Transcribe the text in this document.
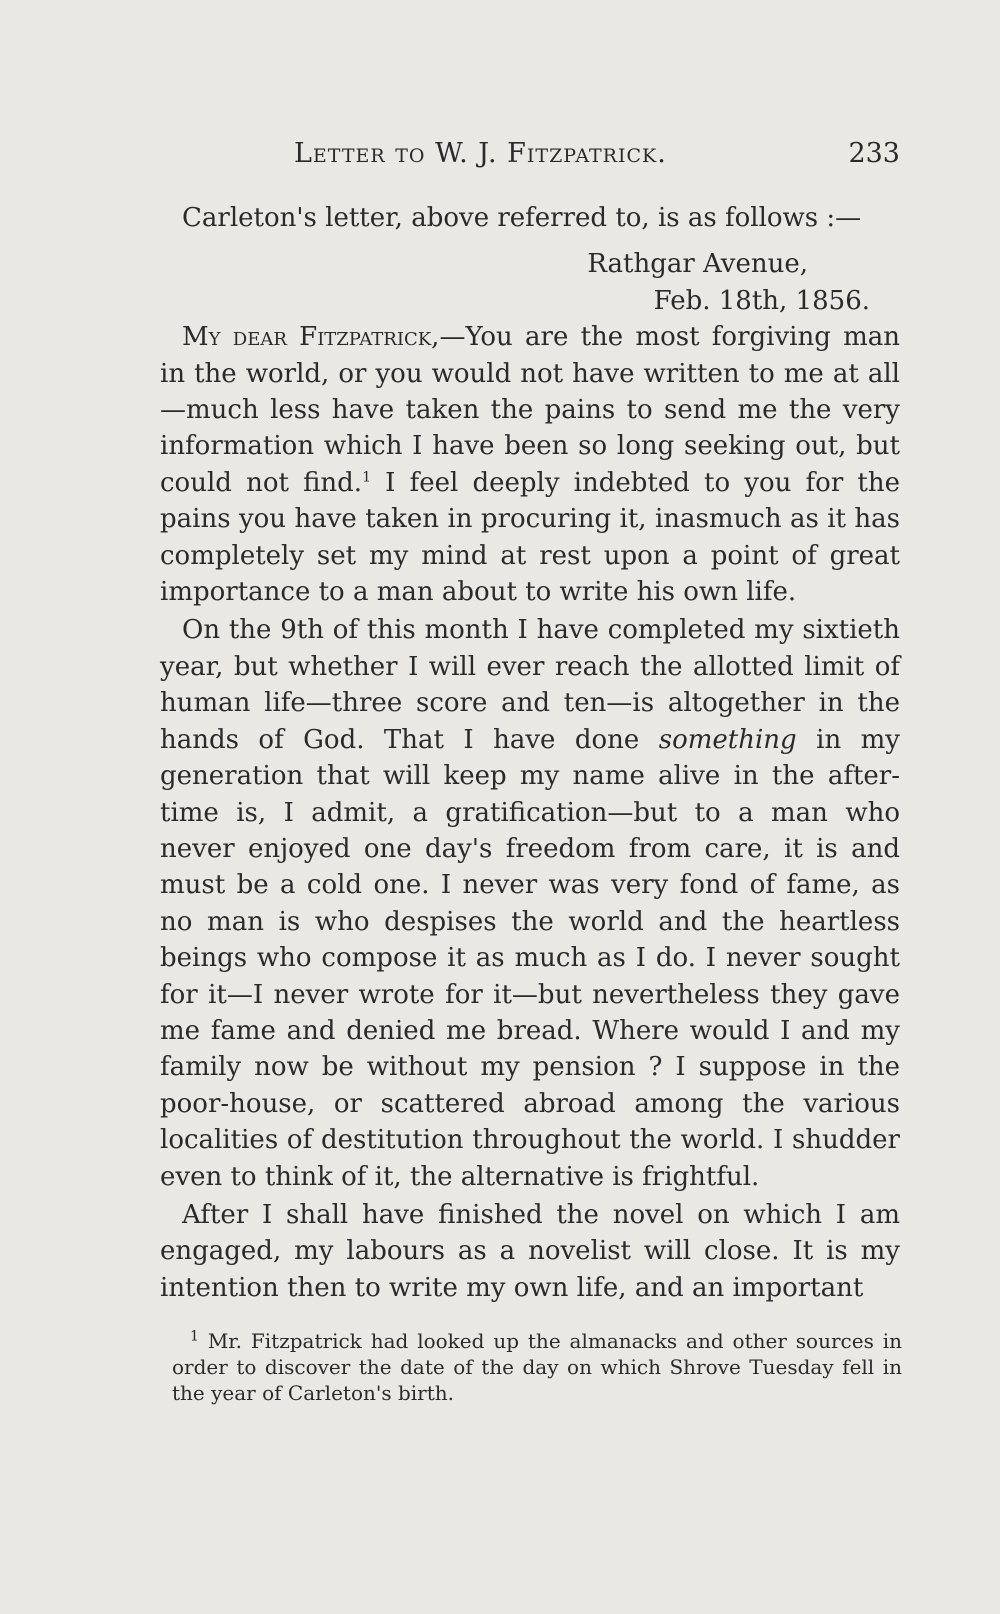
Letter to W. J. Fitzpatrick.	233

Carleton's letter, above referred to, is as follows :—

Rathgar Avenue,
Feb. 18th, 1856.

My dear Fitzpatrick,—You are the most forgiving man in the world, or you would not have written to me at all—much less have taken the pains to send me the very information which I have been so long seeking out, but could not find.$^1$ I feel deeply indebted to you for the pains you have taken in procuring it, inasmuch as it has completely set my mind at rest upon a point of great importance to a man about to write his own life.

On the 9th of this month I have completed my sixtieth year, but whether I will ever reach the allotted limit of human life—three score and ten—is altogether in the hands of God. That I have done something in my generation that will keep my name alive in the after-time is, I admit, a gratification—but to a man who never enjoyed one day's freedom from care, it is and must be a cold one. I never was very fond of fame, as no man is who despises the world and the heartless beings who compose it as much as I do. I never sought for it—I never wrote for it—but nevertheless they gave me fame and denied me bread. Where would I and my family now be without my pension ? I suppose in the poor-house, or scattered abroad among the various localities of destitution throughout the world. I shudder even to think of it, the alternative is frightful.

After I shall have finished the novel on which I am engaged, my labours as a novelist will close. It is my intention then to write my own life, and an important

$^1$ Mr. Fitzpatrick had looked up the almanacks and other sources in order to discover the date of the day on which Shrove Tuesday fell in the year of Carleton's birth.
